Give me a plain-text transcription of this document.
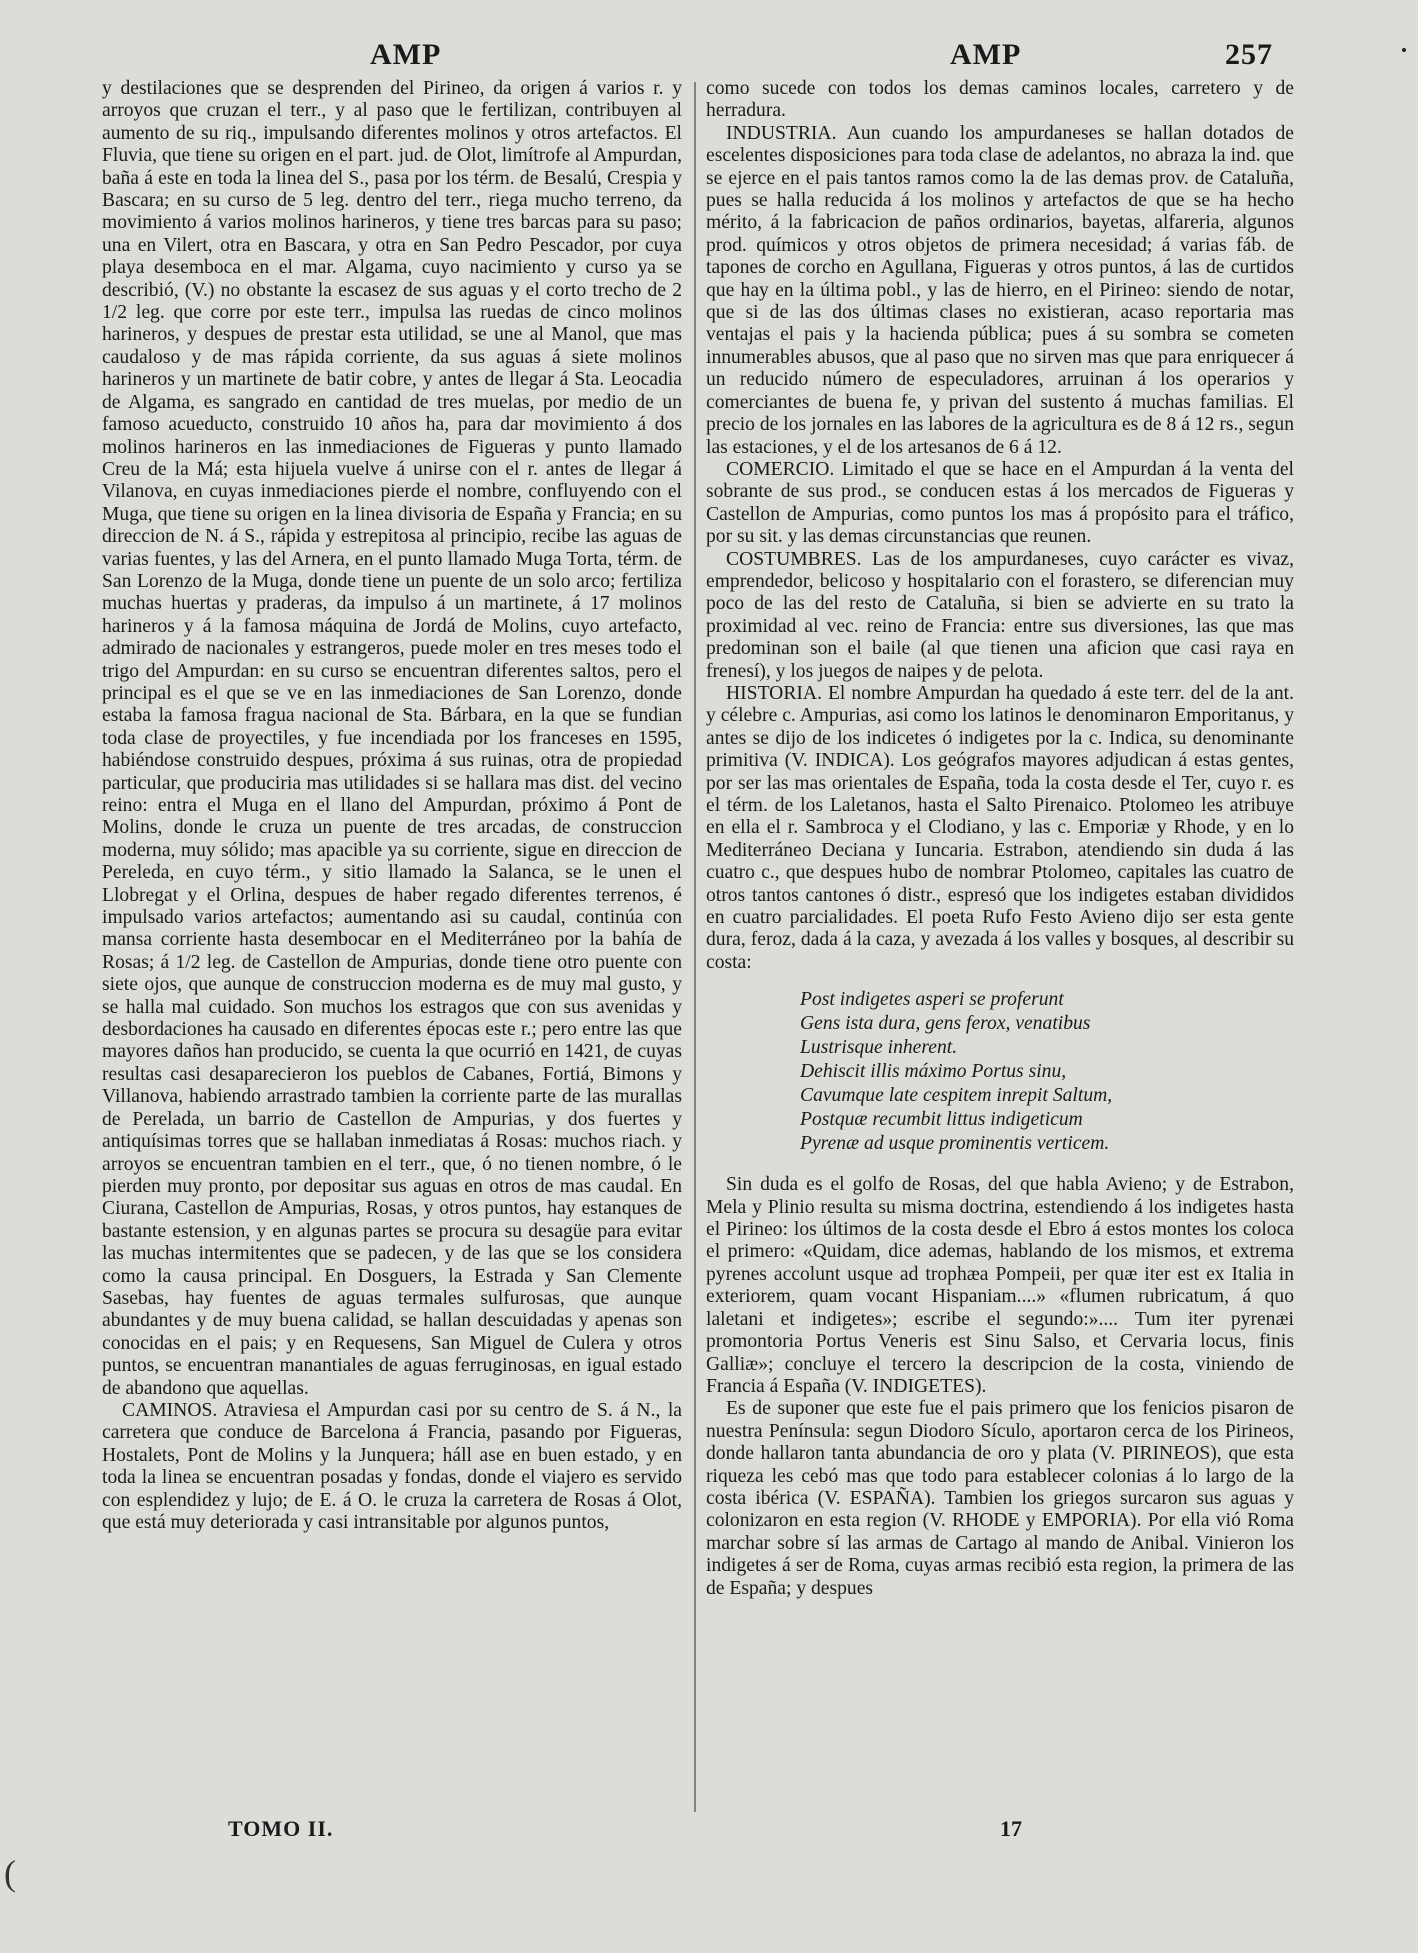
AMP	AMP	257

y destilaciones que se desprenden del Pirineo, da origen á varios r. y arroyos que cruzan el terr., y al paso que le fertilizan, contribuyen al aumento de su riq., impulsando diferentes molinos y otros artefactos. El Fluvia, que tiene su origen en el part. jud. de Olot, limítrofe al Ampurdan, baña á este en toda la linea del S., pasa por los térm. de Besalú, Crespia y Bascara; en su curso de 5 leg. dentro del terr., riega mucho terreno, da movimiento á varios molinos harineros, y tiene tres barcas para su paso; una en Vilert, otra en Bascara, y otra en San Pedro Pescador, por cuya playa desemboca en el mar. Algama, cuyo nacimiento y curso ya se describió, (V.) no obstante la escasez de sus aguas y el corto trecho de 2 1/2 leg. que corre por este terr., impulsa las ruedas de cinco molinos harineros, y despues de prestar esta utilidad, se une al Manol, que mas caudaloso y de mas rápida corriente, da sus aguas á siete molinos harineros y un martinete de batir cobre, y antes de llegar á Sta. Leocadia de Algama, es sangrado en cantidad de tres muelas, por medio de un famoso acueducto, construido 10 años ha, para dar movimiento á dos molinos harineros en las inmediaciones de Figueras y punto llamado Creu de la Má; esta hijuela vuelve á unirse con el r. antes de llegar á Vilanova, en cuyas inmediaciones pierde el nombre, confluyendo con el Muga, que tiene su origen en la linea divisoria de España y Francia; en su direccion de N. á S., rápida y estrepitosa al principio, recibe las aguas de varias fuentes, y las del Arnera, en el punto llamado Muga Torta, térm. de San Lorenzo de la Muga, donde tiene un puente de un solo arco; fertiliza muchas huertas y praderas, da impulso á un martinete, á 17 molinos harineros y á la famosa máquina de Jordá de Molins, cuyo artefacto, admirado de nacionales y estrangeros, puede moler en tres meses todo el trigo del Ampurdan: en su curso se encuentran diferentes saltos, pero el principal es el que se ve en las inmediaciones de San Lorenzo, donde estaba la famosa fragua nacional de Sta. Bárbara, en la que se fundian toda clase de proyectiles, y fue incendiada por los franceses en 1595, habiéndose construido despues, próxima á sus ruinas, otra de propiedad particular, que produciria mas utilidades si se hallara mas dist. del vecino reino: entra el Muga en el llano del Ampurdan, próximo á Pont de Molins, donde le cruza un puente de tres arcadas, de construccion moderna, muy sólido; mas apacible ya su corriente, sigue en direccion de Pereleda, en cuyo térm., y sitio llamado la Salanca, se le unen el Llobregat y el Orlina, despues de haber regado diferentes terrenos, é impulsado varios artefactos; aumentando asi su caudal, continúa con mansa corriente hasta desembocar en el Mediterráneo por la bahía de Rosas; á 1/2 leg. de Castellon de Ampurias, donde tiene otro puente con siete ojos, que aunque de construccion moderna es de muy mal gusto, y se halla mal cuidado. Son muchos los estragos que con sus avenidas y desbordaciones ha causado en diferentes épocas este r.; pero entre las que mayores daños han producido, se cuenta la que ocurrió en 1421, de cuyas resultas casi desaparecieron los pueblos de Cabanes, Fortiá, Bimons y Villanova, habiendo arrastrado tambien la corriente parte de las murallas de Perelada, un barrio de Castellon de Ampurias, y dos fuertes y antiquísimas torres que se hallaban inmediatas á Rosas: muchos riach. y arroyos se encuentran tambien en el terr., que, ó no tienen nombre, ó le pierden muy pronto, por depositar sus aguas en otros de mas caudal. En Ciurana, Castellon de Ampurias, Rosas, y otros puntos, hay estanques de bastante estension, y en algunas partes se procura su desagüe para evitar las muchas intermitentes que se padecen, y de las que se los considera como la causa principal. En Dosguers, la Estrada y San Clemente Sasebas, hay fuentes de aguas termales sulfurosas, que aunque abundantes y de muy buena calidad, se hallan descuidadas y apenas son conocidas en el pais; y en Requesens, San Miguel de Culera y otros puntos, se encuentran manantiales de aguas ferruginosas, en igual estado de abandono que aquellas.

CAMINOS. Atraviesa el Ampurdan casi por su centro de S. á N., la carretera que conduce de Barcelona á Francia, pasando por Figueras, Hostalets, Pont de Molins y la Junquera; háll ase en buen estado, y en toda la linea se encuentran posadas y fondas, donde el viajero es servido con esplendidez y lujo; de E. á O. le cruza la carretera de Rosas á Olot, que está muy deteriorada y casi intransitable por algunos puntos,

como sucede con todos los demas caminos locales, carretero y de herradura.

INDUSTRIA. Aun cuando los ampurdaneses se hallan dotados de escelentes disposiciones para toda clase de adelantos, no abraza la ind. que se ejerce en el pais tantos ramos como la de las demas prov. de Cataluña, pues se halla reducida á los molinos y artefactos de que se ha hecho mérito, á la fabricacion de paños ordinarios, bayetas, alfareria, algunos prod. químicos y otros objetos de primera necesidad; á varias fáb. de tapones de corcho en Agullana, Figueras y otros puntos, á las de curtidos que hay en la última pobl., y las de hierro, en el Pirineo: siendo de notar, que si de las dos últimas clases no existieran, acaso reportaria mas ventajas el pais y la hacienda pública; pues á su sombra se cometen innumerables abusos, que al paso que no sirven mas que para enriquecer á un reducido número de especuladores, arruinan á los operarios y comerciantes de buena fe, y privan del sustento á muchas familias. El precio de los jornales en las labores de la agricultura es de 8 á 12 rs., segun las estaciones, y el de los artesanos de 6 á 12.

COMERCIO. Limitado el que se hace en el Ampurdan á la venta del sobrante de sus prod., se conducen estas á los mercados de Figueras y Castellon de Ampurias, como puntos los mas á propósito para el tráfico, por su sit. y las demas circunstancias que reunen.

COSTUMBRES. Las de los ampurdaneses, cuyo carácter es vivaz, emprendedor, belicoso y hospitalario con el forastero, se diferencian muy poco de las del resto de Cataluña, si bien se advierte en su trato la proximidad al vec. reino de Francia: entre sus diversiones, las que mas predominan son el baile (al que tienen una aficion que casi raya en frenesí), y los juegos de naipes y de pelota.

HISTORIA. El nombre Ampurdan ha quedado á este terr. del de la ant. y célebre c. Ampurias, asi como los latinos le denominaron Emporitanus, y antes se dijo de los indicetes ó indigetes por la c. Indica, su denominante primitiva (V. INDICA). Los geógrafos mayores adjudican á estas gentes, por ser las mas orientales de España, toda la costa desde el Ter, cuyo r. es el térm. de los Laletanos, hasta el Salto Pirenaico. Ptolomeo les atribuye en ella el r. Sambroca y el Clodiano, y las c. Emporiæ y Rhode, y en lo Mediterráneo Deciana y Iuncaria. Estrabon, atendiendo sin duda á las cuatro c., que despues hubo de nombrar Ptolomeo, capitales las cuatro de otros tantos cantones ó distr., espresó que los indigetes estaban divididos en cuatro parcialidades. El poeta Rufo Festo Avieno dijo ser esta gente dura, feroz, dada á la caza, y avezada á los valles y bosques, al describir su costa:

Post indigetes asperi se proferunt
Gens ista dura, gens ferox, venatibus
Lustrisque inherent.
Dehiscit illis máximo Portus sinu,
Cavumque late cespitem inrepit Saltum,
Postquæ recumbit littus indigeticum
Pyrenæ ad usque prominentis verticem.

Sin duda es el golfo de Rosas, del que habla Avieno; y de Estrabon, Mela y Plinio resulta su misma doctrina, estendiendo á los indigetes hasta el Pirineo: los últimos de la costa desde el Ebro á estos montes los coloca el primero: «Quidam, dice ademas, hablando de los mismos, et extrema pyrenes accolunt usque ad trophæa Pompeii, per quæ iter est ex Italia in exteriorem, quam vocant Hispaniam....» «flumen rubricatum, á quo laletani et indigetes»; escribe el segundo:».... Tum iter pyrenæi promontoria Portus Veneris est Sinu Salso, et Cervaria locus, finis Galliæ»; concluye el tercero la descripcion de la costa, viniendo de Francia á España (V. INDIGETES).

Es de suponer que este fue el pais primero que los fenicios pisaron de nuestra Península: segun Diodoro Sículo, aportaron cerca de los Pirineos, donde hallaron tanta abundancia de oro y plata (V. PIRINEOS), que esta riqueza les cebó mas que todo para establecer colonias á lo largo de la costa ibérica (V. ESPAÑA). Tambien los griegos surcaron sus aguas y colonizaron en esta region (V. RHODE y EMPORIA). Por ella vió Roma marchar sobre sí las armas de Cartago al mando de Anibal. Vinieron los indigetes á ser de Roma, cuyas armas recibió esta region, la primera de las de España; y despues

TOMO II.	17
(
